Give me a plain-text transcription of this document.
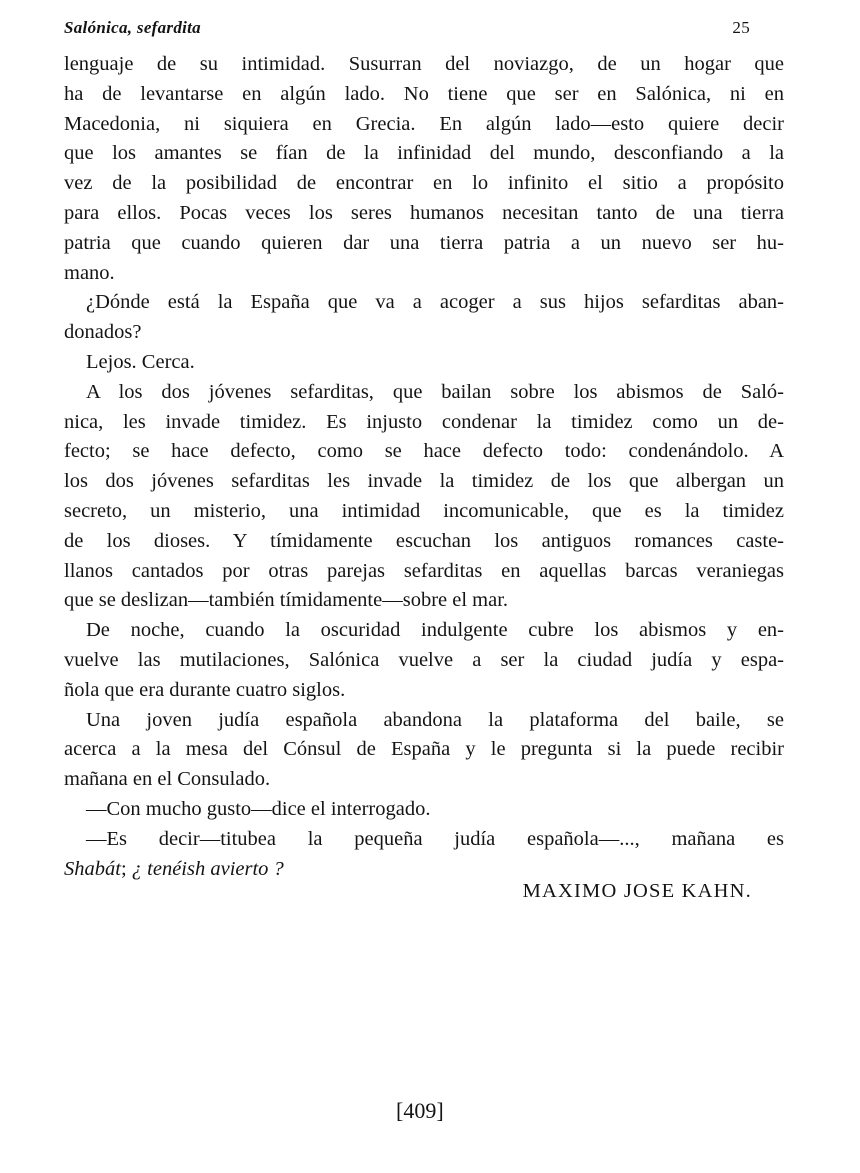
Salónica, sefardita	25
lenguaje de su intimidad. Susurran del noviazgo, de un hogar que
ha de levantarse en algún lado. No tiene que ser en Salónica, ni en
Macedonia, ni siquiera en Grecia. En algún lado—esto quiere decir
que los amantes se fían de la infinidad del mundo, desconfiando a la
vez de la posibilidad de encontrar en lo infinito el sitio a propósito
para ellos. Pocas veces los seres humanos necesitan tanto de una tierra
patria que cuando quieren dar una tierra patria a un nuevo ser hu-
mano.
¿Dónde está la España que va a acoger a sus hijos sefarditas aban-
donados?
Lejos. Cerca.
A los dos jóvenes sefarditas, que bailan sobre los abismos de Saló-
nica, les invade timidez. Es injusto condenar la timidez como un de-
fecto; se hace defecto, como se hace defecto todo: condenándolo. A
los dos jóvenes sefarditas les invade la timidez de los que albergan un
secreto, un misterio, una intimidad incomunicable, que es la timidez
de los dioses. Y tímidamente escuchan los antiguos romances caste-
llanos cantados por otras parejas sefarditas en aquellas barcas veraniegas
que se deslizan—también tímidamente—sobre el mar.
De noche, cuando la oscuridad indulgente cubre los abismos y en-
vuelve las mutilaciones, Salónica vuelve a ser la ciudad judía y espa-
ñola que era durante cuatro siglos.
Una joven judía española abandona la plataforma del baile, se
acerca a la mesa del Cónsul de España y le pregunta si la puede recibir
mañana en el Consulado.
—Con mucho gusto—dice el interrogado.
—Es decir—titubea la pequeña judía española—..., mañana es
Shabát; ¿ tenéish avierto ?
MAXIMO JOSE KAHN.
[409]
